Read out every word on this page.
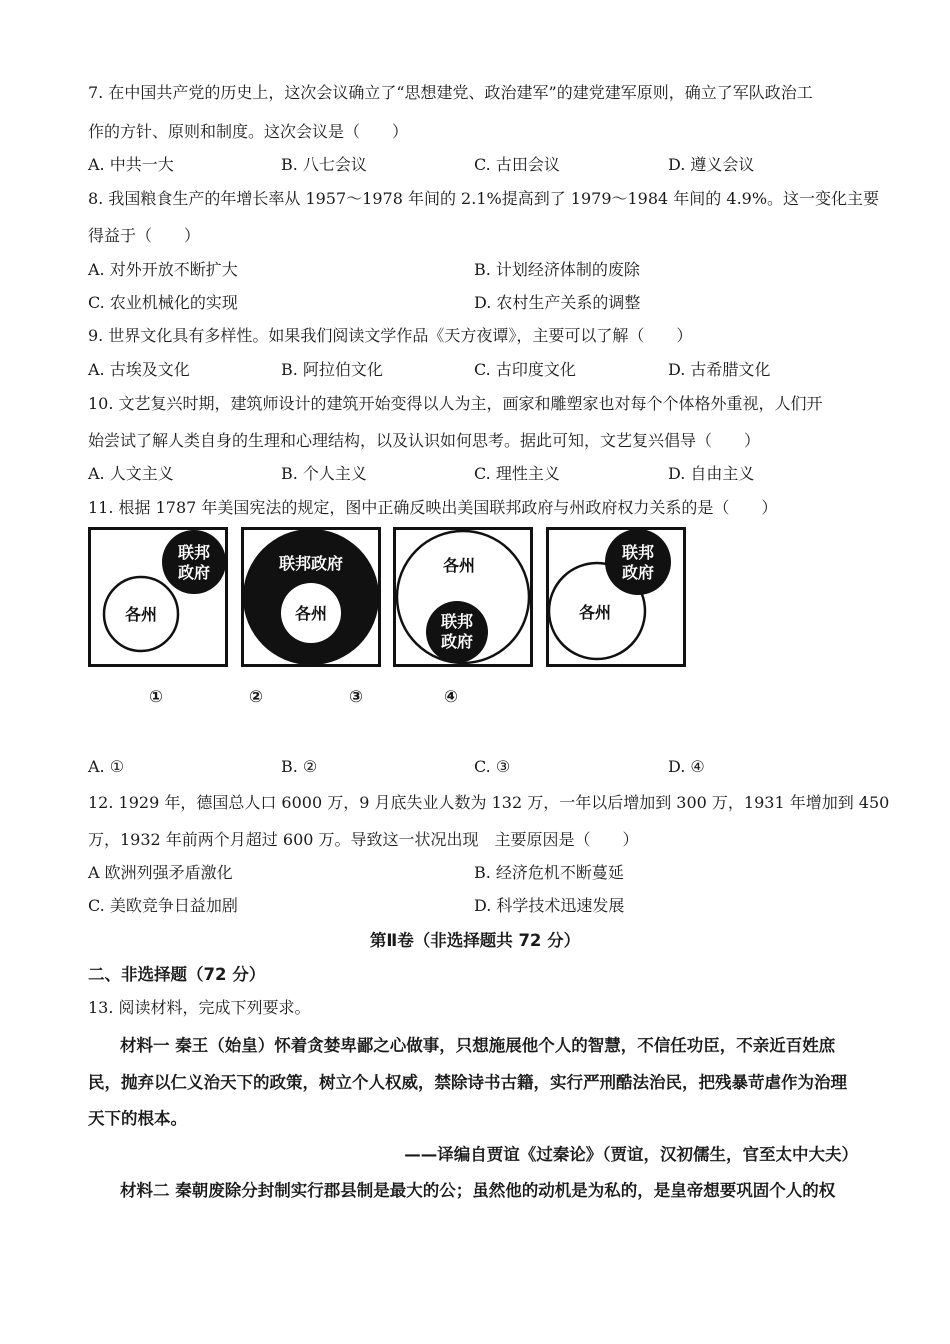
7. 在中国共产党的历史上，这次会议确立了“思想建党、政治建军”的建党建军原则，确立了军队政治工
作的方针、原则和制度。这次会议是（　　）
A. 中共一大	B. 八七会议	C. 古田会议	D. 遵义会议
8. 我国粮食生产的年增长率从 1957～1978 年间的 2.1%提高到了 1979～1984 年间的 4.9%。这一变化主要
得益于（　　）
A. 对外开放不断扩大	B. 计划经济体制的废除
C. 农业机械化的实现	D. 农村生产关系的调整
9. 世界文化具有多样性。如果我们阅读文学作品《天方夜谭》，主要可以了解（　　）
A. 古埃及文化	B. 阿拉伯文化	C. 古印度文化	D. 古希腊文化
10. 文艺复兴时期，建筑师设计的建筑开始变得以人为主，画家和雕塑家也对每个个体格外重视，人们开
始尝试了解人类自身的生理和心理结构，以及认识如何思考。据此可知，文艺复兴倡导（　　）
A. 人文主义	B. 个人主义	C. 理性主义	D. 自由主义
11. 根据 1787 年美国宪法的规定，图中正确反映出美国联邦政府与州政府权力关系的是（　　）
各州
联邦
政府	联邦政府
各州
各州
联邦
政府
各州
联邦
政府
①	②	③	④
A. ①	B. ②	C. ③	D. ④
12. 1929 年，德国总人口 6000 万，9 月底失业人数为 132 万，一年以后增加到 300 万，1931 年增加到 450
万，1932 年前两个月超过 600 万。导致这一状况出现　主要原因是（　　）
A 欧洲列强矛盾激化	B. 经济危机不断蔓延
C. 美欧竞争日益加剧	D. 科学技术迅速发展
第Ⅱ卷（非选择题共 72 分）
二、非选择题（72 分）
13. 阅读材料，完成下列要求。
材料一 秦王（始皇）怀着贪婪卑鄙之心做事，只想施展他个人的智慧，不信任功臣，不亲近百姓庶
民，抛弃以仁义治天下的政策，树立个人权威，禁除诗书古籍，实行严刑酷法治民，把残暴苛虐作为治理
天下的根本。
——译编自贾谊《过秦论》（贾谊，汉初儒生，官至太中大夫）
材料二 秦朝废除分封制实行郡县制是最大的公；虽然他的动机是为私的，是皇帝想要巩固个人的权
